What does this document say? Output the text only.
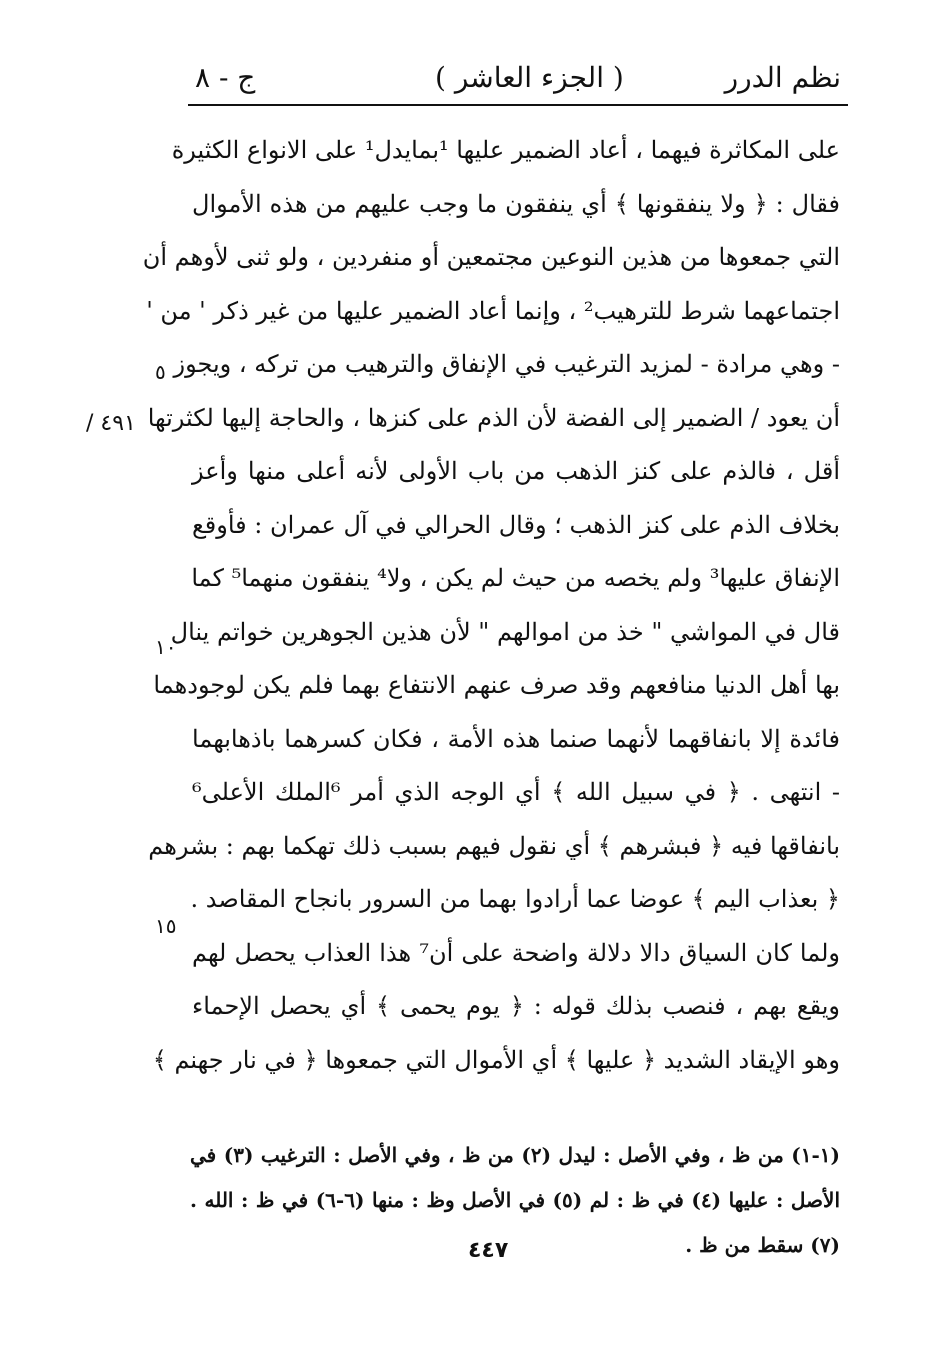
نظم الدرر
( الجزء العاشر )
ج - ٨
/ ٤٩١
٥
١٠
١٥
على المكاثرة فيهما ، أعاد الضمير عليها ¹بمايدل¹ على الانواع الكثيرة
فقال : ﴿ ولا ينفقونها ﴾ أي ينفقون ما وجب عليهم من هذه الأموال
التي جمعوها من هذين النوعين مجتمعين أو منفردين ، ولو ثنى لأوهم أن
اجتماعهما شرط للترهيب² ، وإنما أعاد الضمير عليها من غير ذكر ' من '
- وهي مرادة - لمزيد الترغيب في الإنفاق والترهيب من تركه ، ويجوز
أن يعود / الضمير إلى الفضة لأن الذم على كنزها ، والحاجة إليها لكثرتها
أقل ، فالذم على كنز الذهب من باب الأولى لأنه أعلى منها وأعز
بخلاف الذم على كنز الذهب ؛ وقال الحرالي في آل عمران : فأوقع
الإنفاق عليها³ ولم يخصه من حيث لم يكن ، ولا⁴ ينفقون منهما⁵ كما
قال في المواشي " خذ من اموالهم " لأن هذين الجوهرين خواتم ينال
بها أهل الدنيا منافعهم وقد صرف عنهم الانتفاع بهما فلم يكن لوجودهما
فائدة إلا بانفاقهما لأنهما صنما هذه الأمة ، فكان كسرهما باذهابهما
- انتهى . ﴿ في سبيل الله ﴾ أي الوجه الذي أمر ⁶الملك الأعلى⁶
بانفاقها فيه ﴿ فبشرهم ﴾ أي نقول فيهم بسبب ذلك تهكما بهم : بشرهم
﴿ بعذاب اليم ﴾ عوضا عما أرادوا بهما من السرور بانجاح المقاصد .
ولما كان السياق دالا دلالة واضحة على أن⁷ هذا العذاب يحصل لهم
ويقع بهم ، فنصب بذلك قوله : ﴿ يوم يحمى ﴾ أي يحصل الإحماء
وهو الإيقاد الشديد ﴿ عليها ﴾ أي الأموال التي جمعوها ﴿ في نار جهنم ﴾
(١-١) من ظ ، وفي الأصل : ليدل (٢) من ظ ، وفي الأصل : الترغيب (٣) في
الأصل : عليها (٤) في ظ : لم (٥) في الأصل وظ : منها (٦-٦) في ظ : الله .
(٧) سقط من ظ .
٤٤٧
